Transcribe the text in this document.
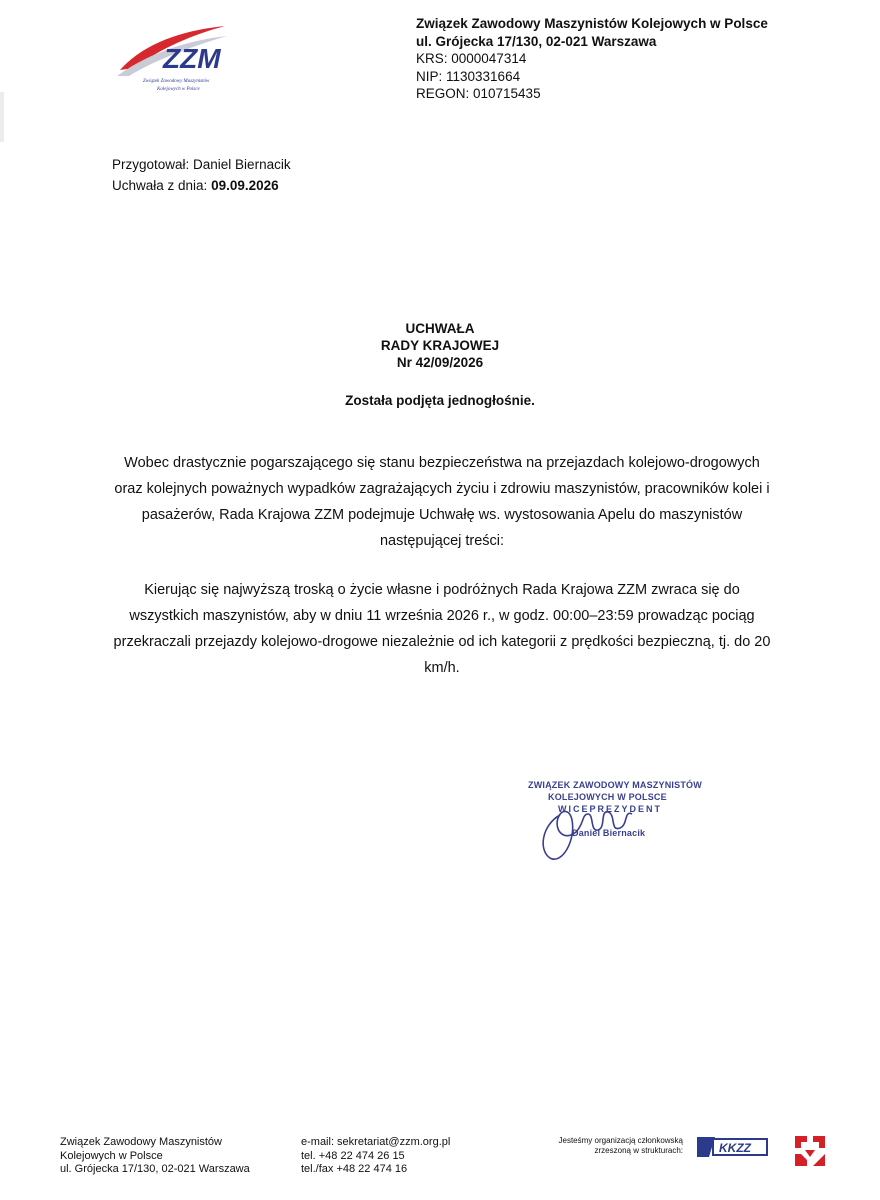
ZZM
Związek Zawodowy Maszynistów
Kolejowych w Polsce
Związek Zawodowy Maszynistów Kolejowych w Polsce
ul. Grójecka 17/130, 02-021 Warszawa
KRS: 0000047314
NIP: 1130331664
REGON: 010715435
Przygotował: Daniel Biernacik
Uchwała z dnia: 09.09.2026
UCHWAŁA
RADY KRAJOWEJ
Nr 42/09/2026
Została podjęta jednogłośnie.
Wobec drastycznie pogarszającego się stanu bezpieczeństwa na przejazdach kolejowo-drogowych oraz kolejnych poważnych wypadków zagrażających życiu i zdrowiu maszynistów, pracowników kolei i pasażerów, Rada Krajowa ZZM podejmuje Uchwałę ws. wystosowania Apelu do maszynistów następującej treści:
Kierując się najwyższą troską o życie własne i podróżnych Rada Krajowa ZZM zwraca się do wszystkich maszynistów, aby w dniu 11 września 2026 r., w godz. 00:00–23:59 prowadząc pociąg przekraczali przejazdy kolejowo-drogowe niezależnie od ich kategorii z prędkości bezpieczną, tj. do 20 km/h.
ZWIĄZEK ZAWODOWY MASZYNISTÓW
KOLEJOWYCH W POLSCE
WICEPREZYDENT
Daniel Biernacik
Związek Zawodowy Maszynistów
Kolejowych w Polsce
ul. Grójecka 17/130, 02-021 Warszawa
e-mail: sekretariat@zzm.org.pl
tel. +48 22 474 26 15
tel./fax +48 22 474 16
Jesteśmy organizacją członkowską
zrzeszoną w strukturach:	KKZZ
